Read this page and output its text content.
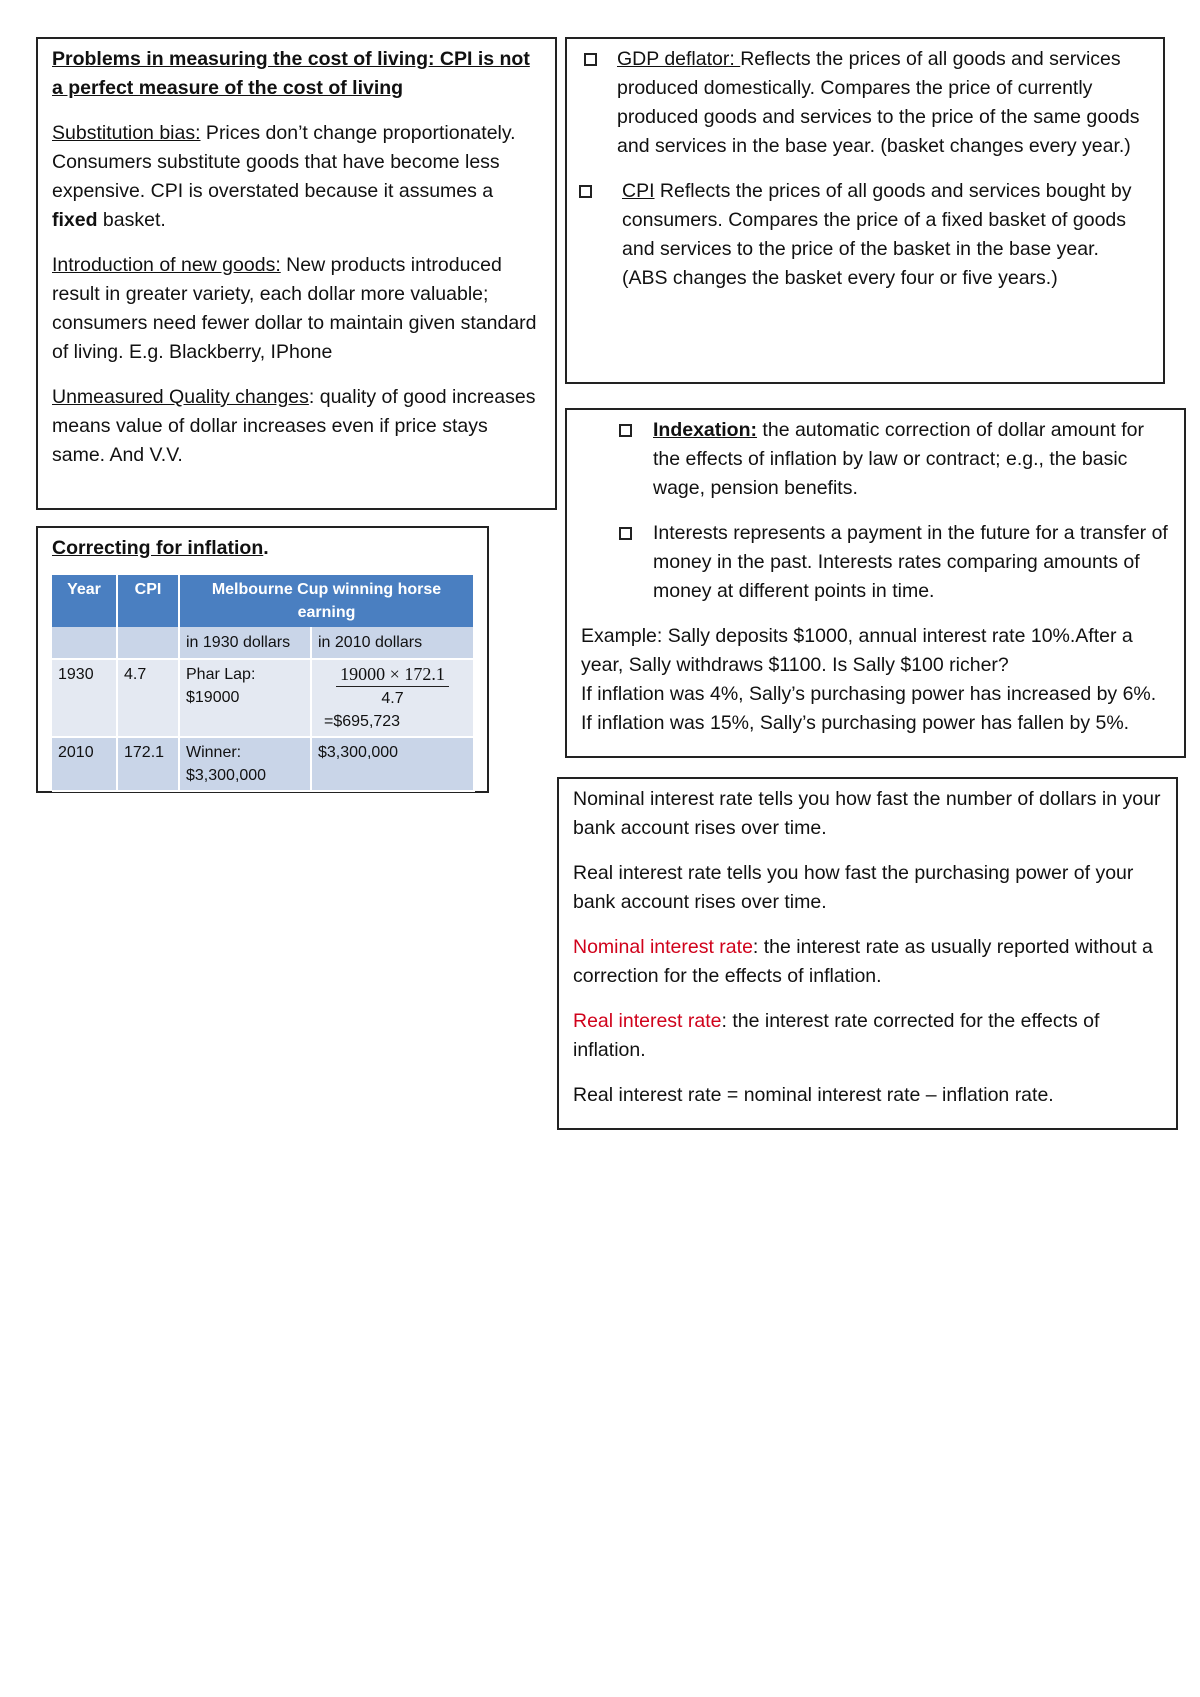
Problems in measuring the cost of living: CPI is not a perfect measure of the cost of living

Substitution bias: Prices don’t change proportionately. Consumers substitute goods that have become less expensive. CPI is overstated because it assumes a fixed basket.

Introduction of new goods: New products introduced result in greater variety, each dollar more valuable; consumers need fewer dollar to maintain given standard of living. E.g. Blackberry, IPhone

Unmeasured Quality changes: quality of good increases means value of dollar increases even if price stays same. And V.V.

Correcting for inflation.

Year	CPI	Melbourne Cup winning horse earning	
		in 1930 dollars	in 2010 dollars
1930	4.7	Phar Lap: $19000	$\frac{19000 \times 172.1}{4.7}$
=$695,723

2010	172.1	Winner: $3,300,000	$3,300,000
GDP deflator: Reflects the prices of all goods and services produced domestically. Compares the price of currently produced goods and services to the price of the same goods and services in the base year. (basket changes every year.)
CPI Reflects the prices of all goods and services bought by consumers. Compares the price of a fixed basket of goods and services to the price of the basket in the base year. (ABS changes the basket every four or five years.)
Indexation: the automatic correction of dollar amount for the effects of inflation by law or contract; e.g., the basic wage, pension benefits.
Interests represents a payment in the future for a transfer of money in the past. Interests rates comparing amounts of money at different points in time.
Example: Sally deposits $1000, annual interest rate 10%.After a year, Sally withdraws $1100. Is Sally $100 richer?
If inflation was 4%, Sally’s purchasing power has increased by 6%.
If inflation was 15%, Sally’s purchasing power has fallen by 5%.

Nominal interest rate tells you how fast the number of dollars in your bank account rises over time.

Real interest rate tells you how fast the purchasing power of your bank account rises over time.

Nominal interest rate: the interest rate as usually reported without a correction for the effects of inflation.

Real interest rate: the interest rate corrected for the effects of inflation.

Real interest rate = nominal interest rate – inflation rate.
